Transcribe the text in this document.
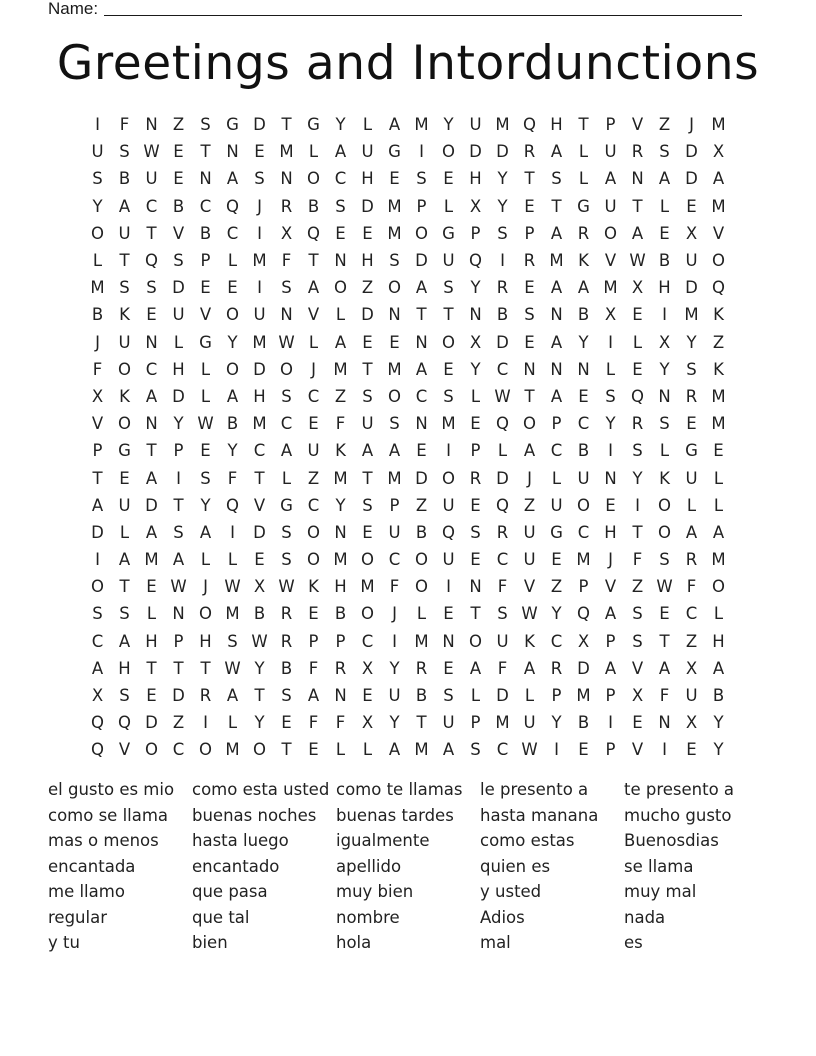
Name:
Greetings and Intordunctions
I	F N Z S G D T G Y	L	A M Y U M Q H T	P V Z	J	M
U S W E	T N E M L	A U G	I	O D D R A	L U R S D X
S B U E N A S N O C H E	S	E H Y	T	S	L	A N A D A
Y A C B C Q	J	R B S D M P	L	X Y	E	T G U T	L	E M
O U T V B C	I	X Q E	E M O G P	S	P A R O A E X V
L	T Q S	P	L M F	T N H S D U Q	I	R M K V W B U O
M S	S D E	E	I	S A O Z O A S	Y R E A A M X H D Q
B K E U V O U N V	L D N T	T N B S N B X E	I	M K
J	U N L G Y M W L	A E	E N O X D E A Y	I	L	X Y Z
F O C H L O D O	J	M T M A E	Y C N N N L	E	Y	S K
X K A D L	A H S C Z S O C S	L W T A E	S Q N R M
V O N Y W B M C E	F U S N M E Q O P C Y R S	E M
P G T	P	E	Y C A U K A A E	I	P	L	A C B	I	S	L G E
T	E A	I	S	F	T	L	Z M T M D O R D	J	L U N Y	K U L
A U D T	Y Q V G C Y	S	P Z U E Q Z U O E	I	O L	L
D L	A S A	I	D S O N E U B Q S R U G C H T O A A
I	A M A	L	L	E	S O M O C O U E C U E M	J	F	S R M
O T	E W J W X W K H M F O	I	N F	V Z P V Z W F O
S	S	L N O M B R E B O	J	L	E	T	S W Y Q A S	E C	L
C A H P H S W R P	P C	I	M N O U K C X P	S	T Z H
A H T	T	T W Y B	F	R X Y R E A	F	A R D A V A X A
X S	E D R A T	S A N E U B S	L D L	P M P X	F U B
Q Q D Z	I	L	Y	E	F	F	X Y	T U P M U Y B	I	E N X Y
Q V O C O M O T	E	L	L	A M A S C W I	E	P V	I	E	Y
el gusto es mio
como se llama
mas o menos
encantada
me llamo
regular
y tu
como esta usted
buenas noches
hasta luego
encantado
que pasa
que tal
bien
como te llamas
buenas tardes
igualmente
apellido
muy bien
nombre
hola
le presento a
hasta manana
como estas
quien es
y usted
Adios
mal
te presento a
mucho gusto
Buenosdias
se llama
muy mal
nada
es
